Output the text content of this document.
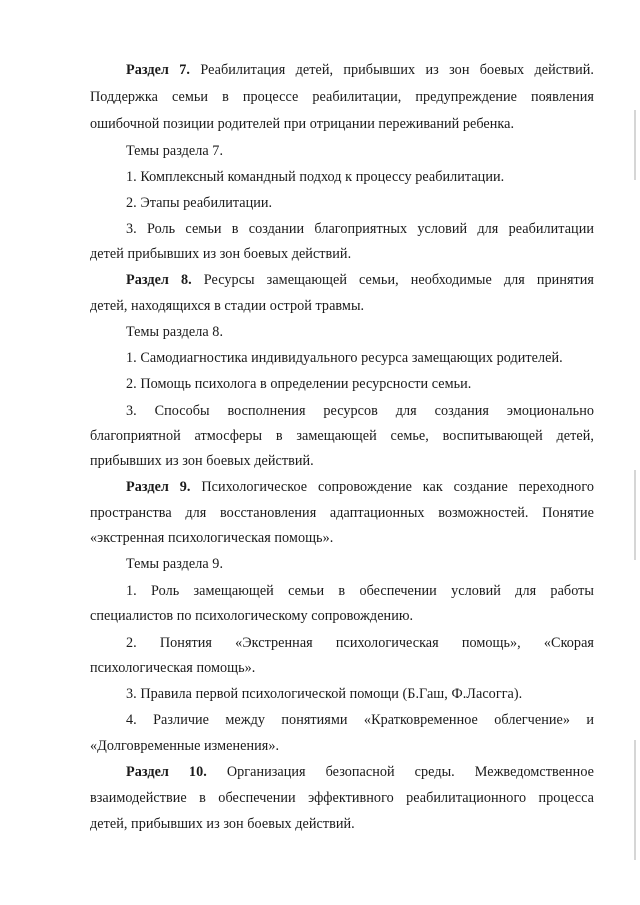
Раздел 7. Реабилитация детей, прибывших из зон боевых действий.
Поддержка семьи в процессе реабилитации, предупреждение появления
ошибочной позиции родителей при отрицании переживаний ребенка.
Темы раздела 7.
1. Комплексный командный подход к процессу реабилитации.
2. Этапы реабилитации.
3. Роль семьи в создании благоприятных условий для реабилитации
детей прибывших из зон боевых действий.
Раздел 8. Ресурсы замещающей семьи, необходимые для принятия
детей, находящихся в стадии острой травмы.
Темы раздела 8.
1. Самодиагностика индивидуального ресурса замещающих родителей.
2. Помощь психолога в определении ресурсности семьи.
3. Способы восполнения ресурсов для создания эмоционально
благоприятной атмосферы в замещающей семье, воспитывающей детей,
прибывших из зон боевых действий.
Раздел 9. Психологическое сопровождение как создание переходного
пространства для восстановления адаптационных возможностей. Понятие
«экстренная психологическая помощь».
Темы раздела 9.
1. Роль замещающей семьи в обеспечении условий для работы
специалистов по психологическому сопровождению.
2. Понятия «Экстренная психологическая помощь», «Скорая
психологическая помощь».
3. Правила первой психологической помощи (Б.Гаш, Ф.Ласогга).
4. Различие между понятиями «Кратковременное облегчение» и
«Долговременные изменения».
Раздел 10. Организация безопасной среды. Межведомственное
взаимодействие в обеспечении эффективного реабилитационного процесса
детей, прибывших из зон боевых действий.
